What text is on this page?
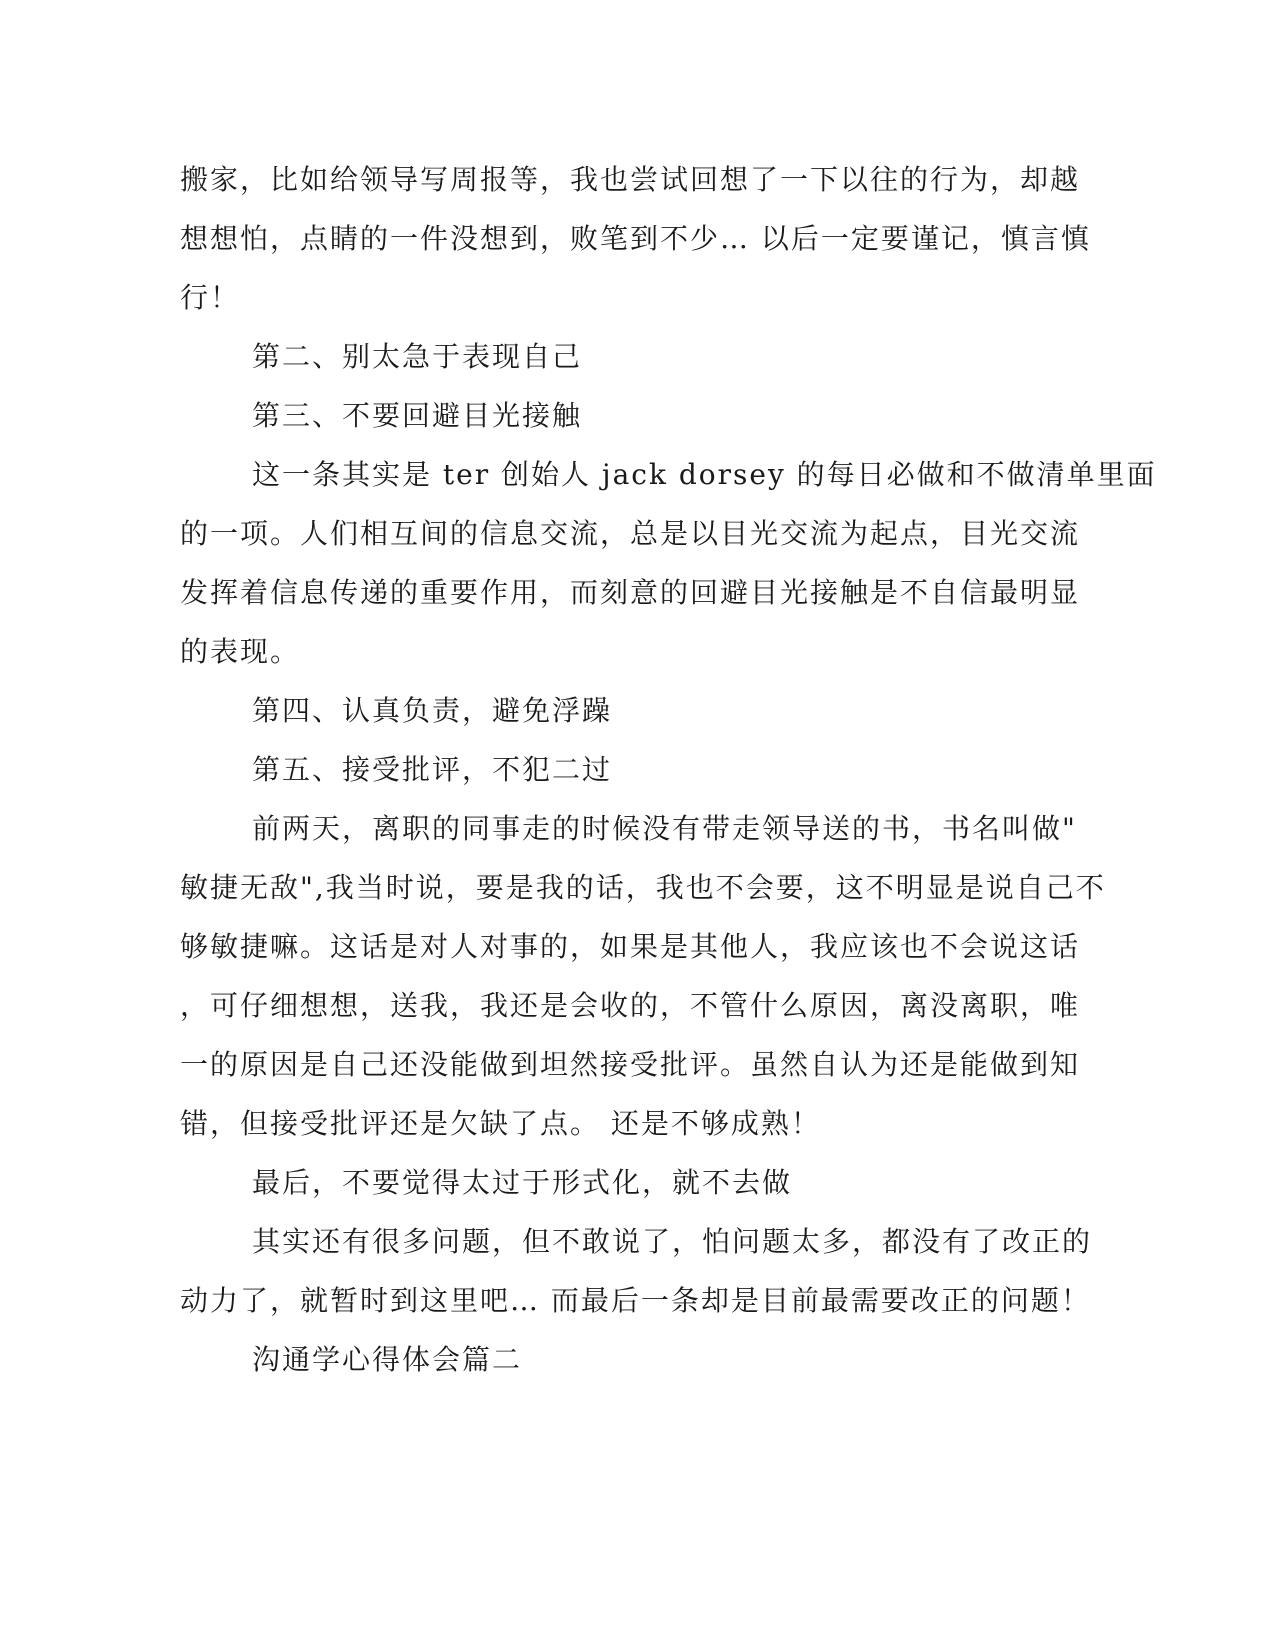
搬家，比如给领导写周报等，我也尝试回想了一下以往的行为，却越
想想怕，点睛的一件没想到，败笔到不少… 以后一定要谨记，慎言慎
行！
第二、别太急于表现自己
第三、不要回避目光接触
这一条其实是 ter 创始人 jack dorsey 的每日必做和不做清单里面
的一项。人们相互间的信息交流，总是以目光交流为起点，目光交流
发挥着信息传递的重要作用，而刻意的回避目光接触是不自信最明显
的表现。
第四、认真负责，避免浮躁
第五、接受批评，不犯二过
前两天，离职的同事走的时候没有带走领导送的书，书名叫做"
敏捷无敌",我当时说，要是我的话，我也不会要，这不明显是说自己不
够敏捷嘛。这话是对人对事的，如果是其他人，我应该也不会说这话
，可仔细想想，送我，我还是会收的，不管什么原因，离没离职，唯
一的原因是自己还没能做到坦然接受批评。虽然自认为还是能做到知
错，但接受批评还是欠缺了点。 还是不够成熟！
最后，不要觉得太过于形式化，就不去做
其实还有很多问题，但不敢说了，怕问题太多，都没有了改正的
动力了，就暂时到这里吧… 而最后一条却是目前最需要改正的问题！
沟通学心得体会篇二
